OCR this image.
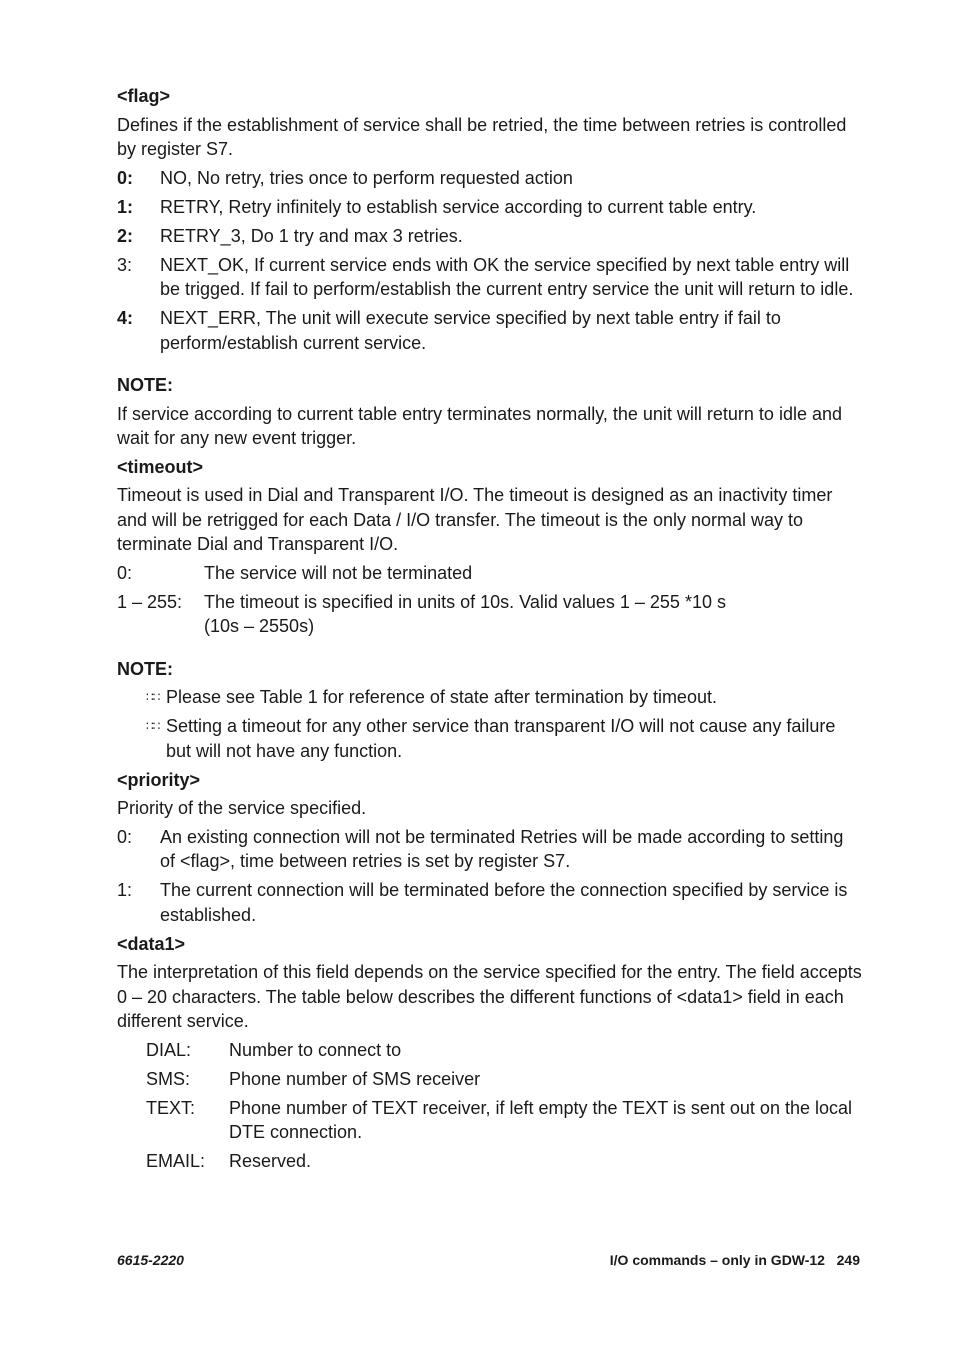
<flag>
Defines if the establishment of service shall be retried, the time between retries is controlled by register S7.
0:	NO, No retry, tries once to perform requested action
1:	RETRY, Retry infinitely to establish service according to current table entry.
2:	RETRY_3, Do 1 try and max 3 retries.
3:	NEXT_OK, If current service ends with OK the service specified by next table entry will be trigged. If fail to perform/establish the current entry service the unit will return to idle.
4:	NEXT_ERR, The unit will execute service specified by next table entry if fail to perform/establish current service.
NOTE:
If service according to current table entry terminates normally, the unit will return to idle and wait for any new event trigger.
<timeout>
Timeout is used in Dial and Transparent I/O. The timeout is designed as an inactivity timer and will be retrigged for each Data / I/O transfer. The timeout is the only normal way to terminate Dial and Transparent I/O.
0:	The service will not be terminated
1 – 255:	The timeout is specified in units of 10s. Valid values 1 – 255 *10 s (10s – 2550s)
NOTE:
∷∷ Please see Table 1 for reference of state after termination by timeout.
∷∷ Setting a timeout for any other service than transparent I/O will not cause any failure but will not have any function.
<priority>
Priority of the service specified.
0:	An existing connection will not be terminated Retries will be made according to setting of <flag>, time between retries is set by register S7.
1:	The current connection will be terminated before the connection specified by service is established.
<data1>
The interpretation of this field depends on the service specified for the entry. The field accepts 0 – 20 characters. The table below describes the different functions of <data1> field in each different service.
DIAL:	Number to connect to
SMS:	Phone number of SMS receiver
TEXT:	Phone number of TEXT receiver, if left empty the TEXT is sent out on the local DTE connection.
EMAIL:	Reserved.
6615-2220	I/O commands – only in GDW-12 249
